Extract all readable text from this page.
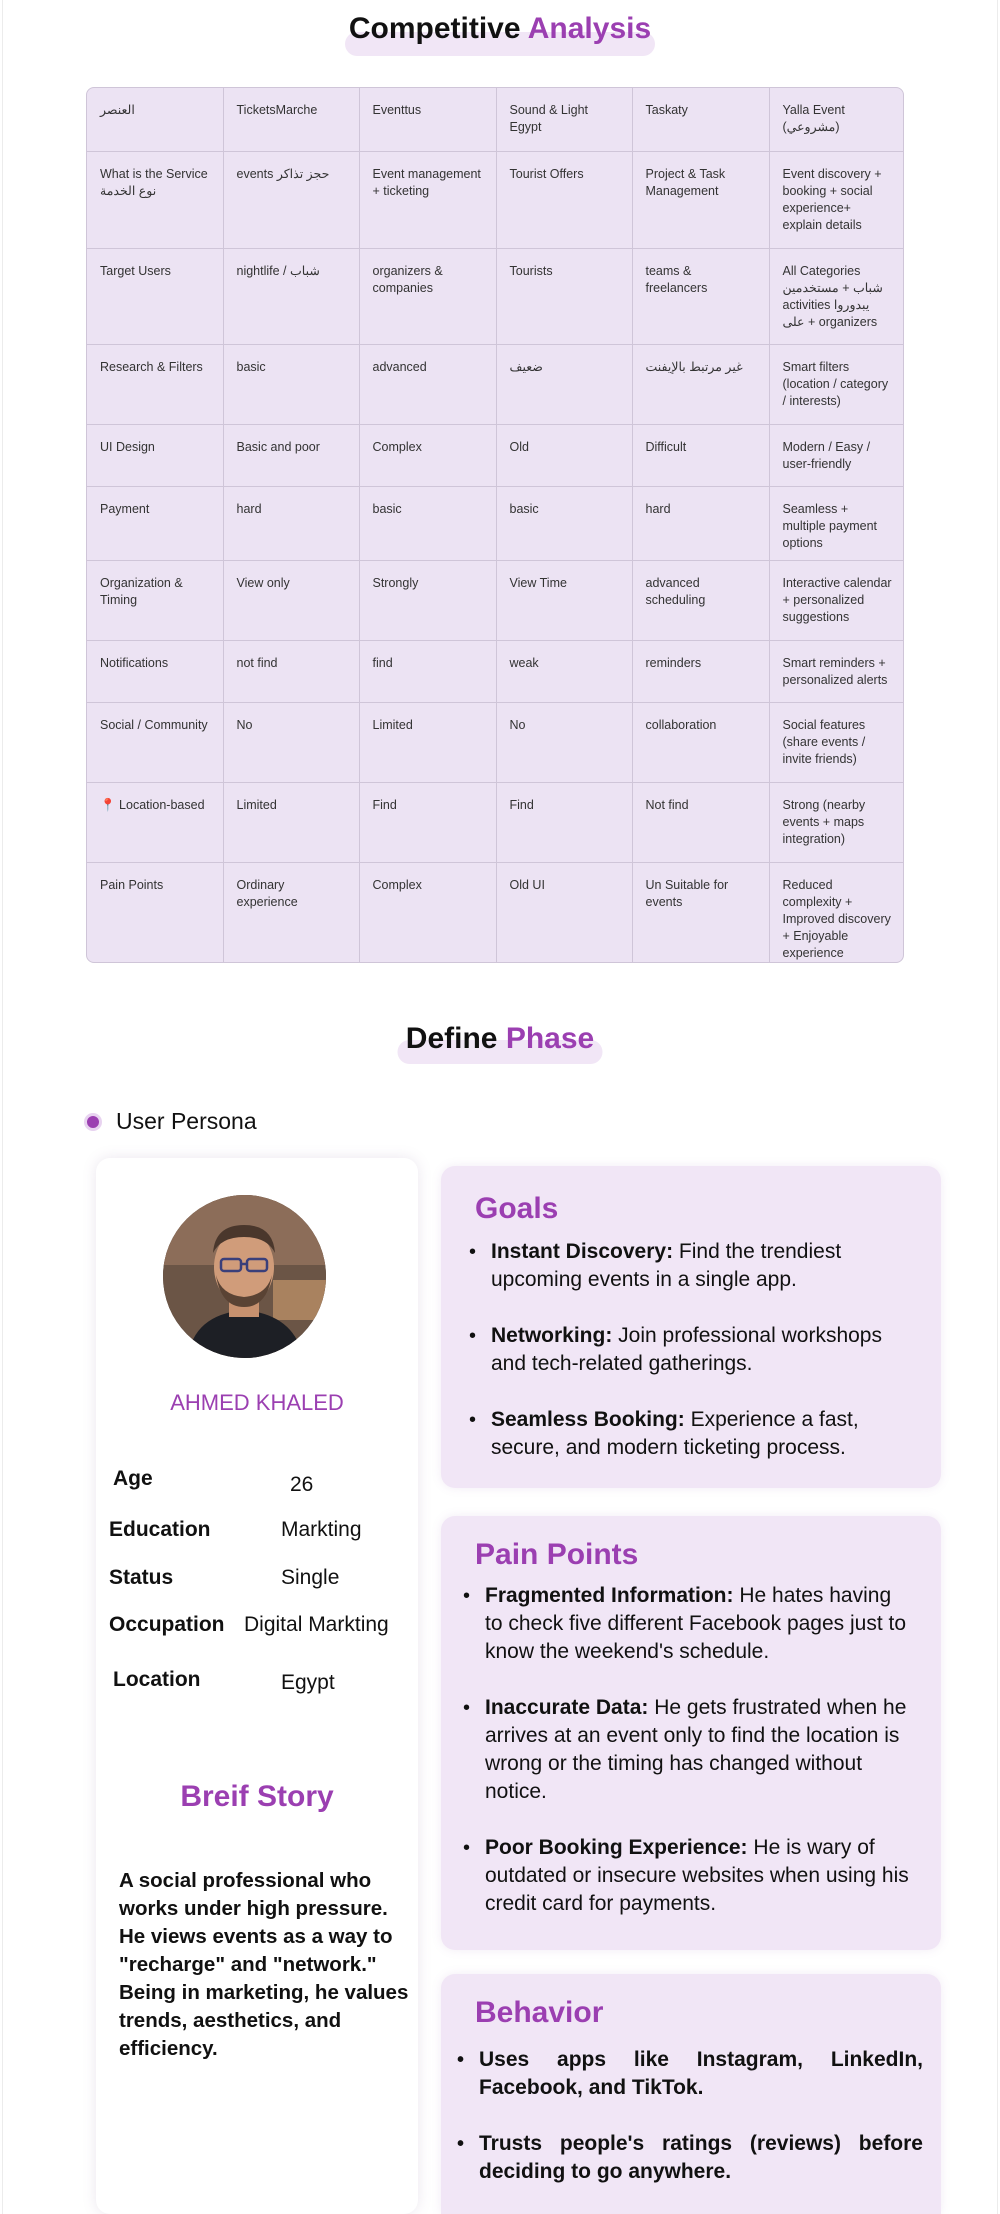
Competitive Analysis
العنصر	TicketsMarche	Eventtus	Sound & Light Egypt	Taskaty	Yalla Event (مشروعي)
What is the Service نوع الخدمة	events حجز تذاكر	Event management + ticketing	Tourist Offers	Project & Task Management	Event discovery + booking + social experience+ explain details
Target Users	nightlife / شباب	organizers & companies	Tourists	teams & freelancers	All Categories شباب + مستخدمين activities يبدوروا على + organizers
Research & Filters	basic	advanced	ضعيف	غير مرتبط بالإيفنت	Smart filters (location / category / interests)
UI Design	Basic and poor	Complex	Old	Difficult	Modern / Easy / user-friendly
Payment	hard	basic	basic	hard	Seamless + multiple payment options
Organization & Timing	View only	Strongly	View Time	advanced scheduling	Interactive calendar + personalized suggestions
Notifications	not find	find	weak	reminders	Smart reminders + personalized alerts
Social / Community	No	Limited	No	collaboration	Social features (share events / invite friends)
📍 Location-based	Limited	Find	Find	Not find	Strong (nearby events + maps integration)
Pain Points	Ordinary experience	Complex	Old UI	Un Suitable for events	Reduced complexity + Improved discovery + Enjoyable experience
Define Phase
User Persona
AHMED KHALED
Age	26
Education	Markting
Status	Single
Occupation Digital Markting
Location	Egypt
Breif Story
A social professional who works under high pressure. He views events as a way to "recharge" and "network." Being in marketing, he values trends, aesthetics, and efficiency.
Goals
• Instant Discovery: Find the trendiest upcoming events in a single app.
• Networking: Join professional workshops and tech-related gatherings.
• Seamless Booking: Experience a fast, secure, and modern ticketing process.
Pain Points
• Fragmented Information: He hates having to check five different Facebook pages just to know the weekend's schedule.
• Inaccurate Data: He gets frustrated when he arrives at an event only to find the location is wrong or the timing has changed without notice.
• Poor Booking Experience: He is wary of outdated or insecure websites when using his credit card for payments.
Behavior
• Uses apps like Instagram, LinkedIn, Facebook, and TikTok.
• Trusts people's ratings (reviews) before deciding to go anywhere.
